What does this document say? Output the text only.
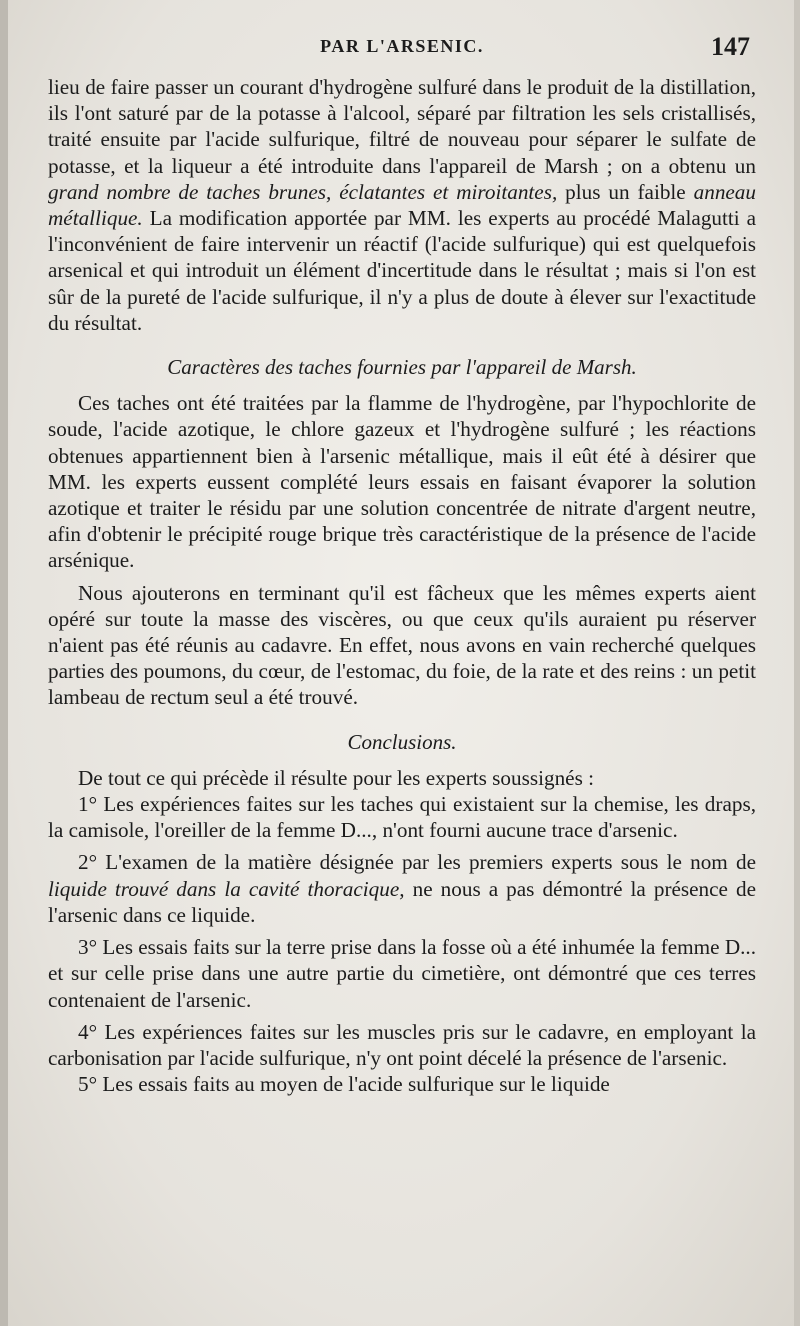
PAR L'ARSENIC.	147

lieu de faire passer un courant d'hydrogène sulfuré dans le produit de la distillation, ils l'ont saturé par de la potasse à l'alcool, séparé par filtration les sels cristallisés, traité ensuite par l'acide sulfurique, filtré de nouveau pour séparer le sulfate de potasse, et la liqueur a été introduite dans l'appareil de Marsh ; on a obtenu un grand nombre de taches brunes, éclatantes et miroitantes, plus un faible anneau métallique. La modification apportée par MM. les experts au procédé Malagutti a l'inconvénient de faire intervenir un réactif (l'acide sulfurique) qui est quelquefois arsenical et qui introduit un élément d'incertitude dans le résultat ; mais si l'on est sûr de la pureté de l'acide sulfurique, il n'y a plus de doute à élever sur l'exactitude du résultat.

Caractères des taches fournies par l'appareil de Marsh.

Ces taches ont été traitées par la flamme de l'hydrogène, par l'hypochlorite de soude, l'acide azotique, le chlore gazeux et l'hydrogène sulfuré ; les réactions obtenues appartiennent bien à l'arsenic métallique, mais il eût été à désirer que MM. les experts eussent complété leurs essais en faisant évaporer la solution azotique et traiter le résidu par une solution concentrée de nitrate d'argent neutre, afin d'obtenir le précipité rouge brique très caractéristique de la présence de l'acide arsénique.

Nous ajouterons en terminant qu'il est fâcheux que les mêmes experts aient opéré sur toute la masse des viscères, ou que ceux qu'ils auraient pu réserver n'aient pas été réunis au cadavre. En effet, nous avons en vain recherché quelques parties des poumons, du cœur, de l'estomac, du foie, de la rate et des reins : un petit lambeau de rectum seul a été trouvé.

Conclusions.

De tout ce qui précède il résulte pour les experts soussignés :

1° Les expériences faites sur les taches qui existaient sur la chemise, les draps, la camisole, l'oreiller de la femme D..., n'ont fourni aucune trace d'arsenic.

2° L'examen de la matière désignée par les premiers experts sous le nom de liquide trouvé dans la cavité thoracique, ne nous a pas démontré la présence de l'arsenic dans ce liquide.

3° Les essais faits sur la terre prise dans la fosse où a été inhumée la femme D... et sur celle prise dans une autre partie du cimetière, ont démontré que ces terres contenaient de l'arsenic.

4° Les expériences faites sur les muscles pris sur le cadavre, en employant la carbonisation par l'acide sulfurique, n'y ont point décelé la présence de l'arsenic.

5° Les essais faits au moyen de l'acide sulfurique sur le liquide
